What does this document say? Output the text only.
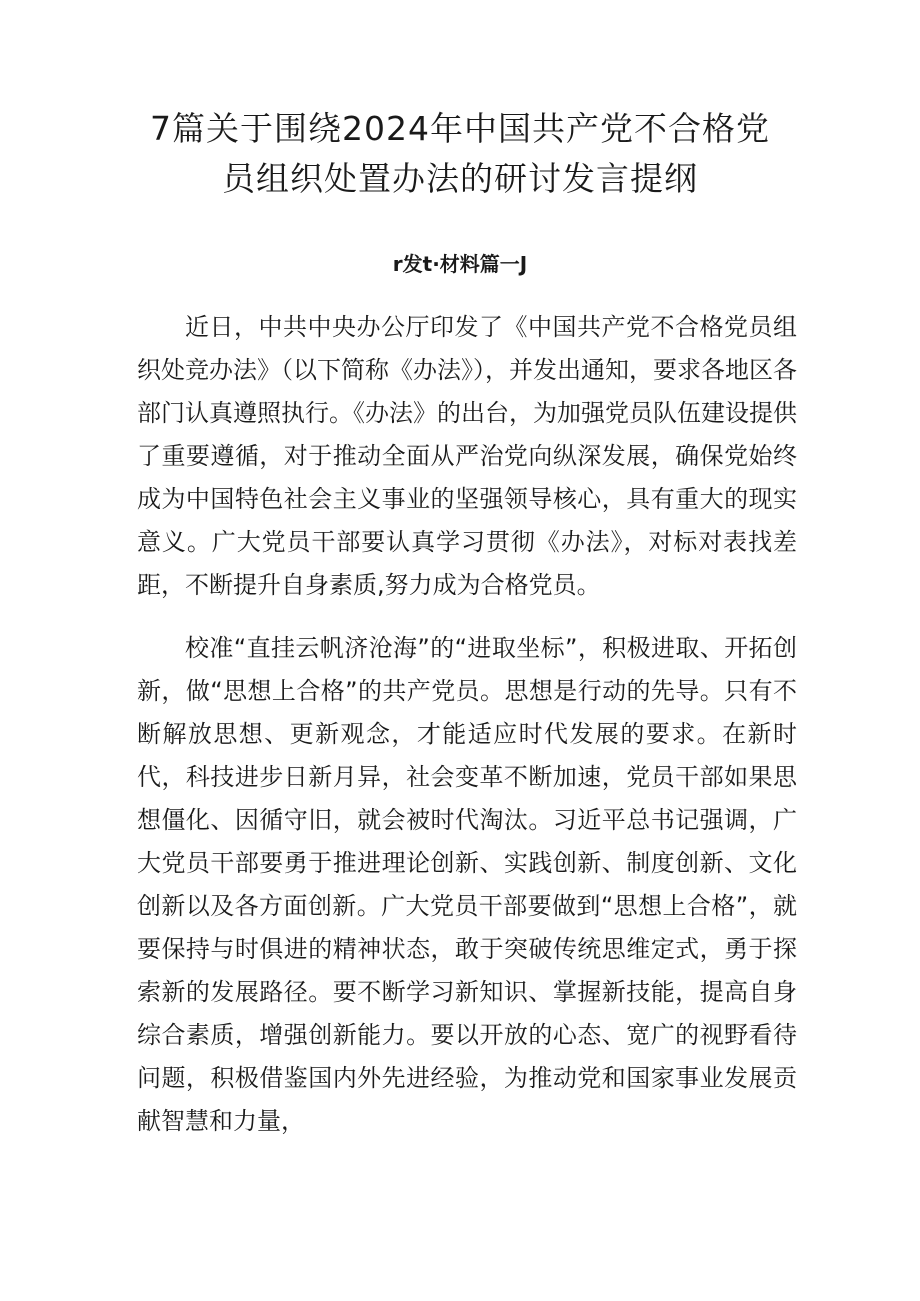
7篇关于围绕2024年中国共产党不合格党
员组织处置办法的研讨发言提纲
r发t·材料篇一J

近日，中共中央办公厅印发了《中国共产党不合格党员组织处竞办法》（以下简称《办法》），并发出通知，要求各地区各部门认真遵照执行。《办法》的出台，为加强党员队伍建设提供了重要遵循，对于推动全面从严治党向纵深发展，确保党始终成为中国特色社会主义事业的坚强领导核心，具有重大的现实意义。广大党员干部要认真学习贯彻《办法》，对标对表找差距，不断提升自身素质,努力成为合格党员。

校准“直挂云帆济沧海”的“进取坐标”，积极进取、开拓创新，做“思想上合格”的共产党员。思想是行动的先导。只有不断解放思想、更新观念，才能适应时代发展的要求。在新时代，科技进步日新月异，社会变革不断加速，党员干部如果思想僵化、因循守旧，就会被时代淘汰。习近平总书记强调，广大党员干部要勇于推进理论创新、实践创新、制度创新、文化创新以及各方面创新。广大党员干部要做到“思想上合格”，就要保持与时俱进的精神状态，敢于突破传统思维定式，勇于探索新的发展路径。要不断学习新知识、掌握新技能，提高自身综合素质，增强创新能力。要以开放的心态、宽广的视野看待问题，积极借鉴国内外先进经验，为推动党和国家事业发展贡献智慧和力量，
